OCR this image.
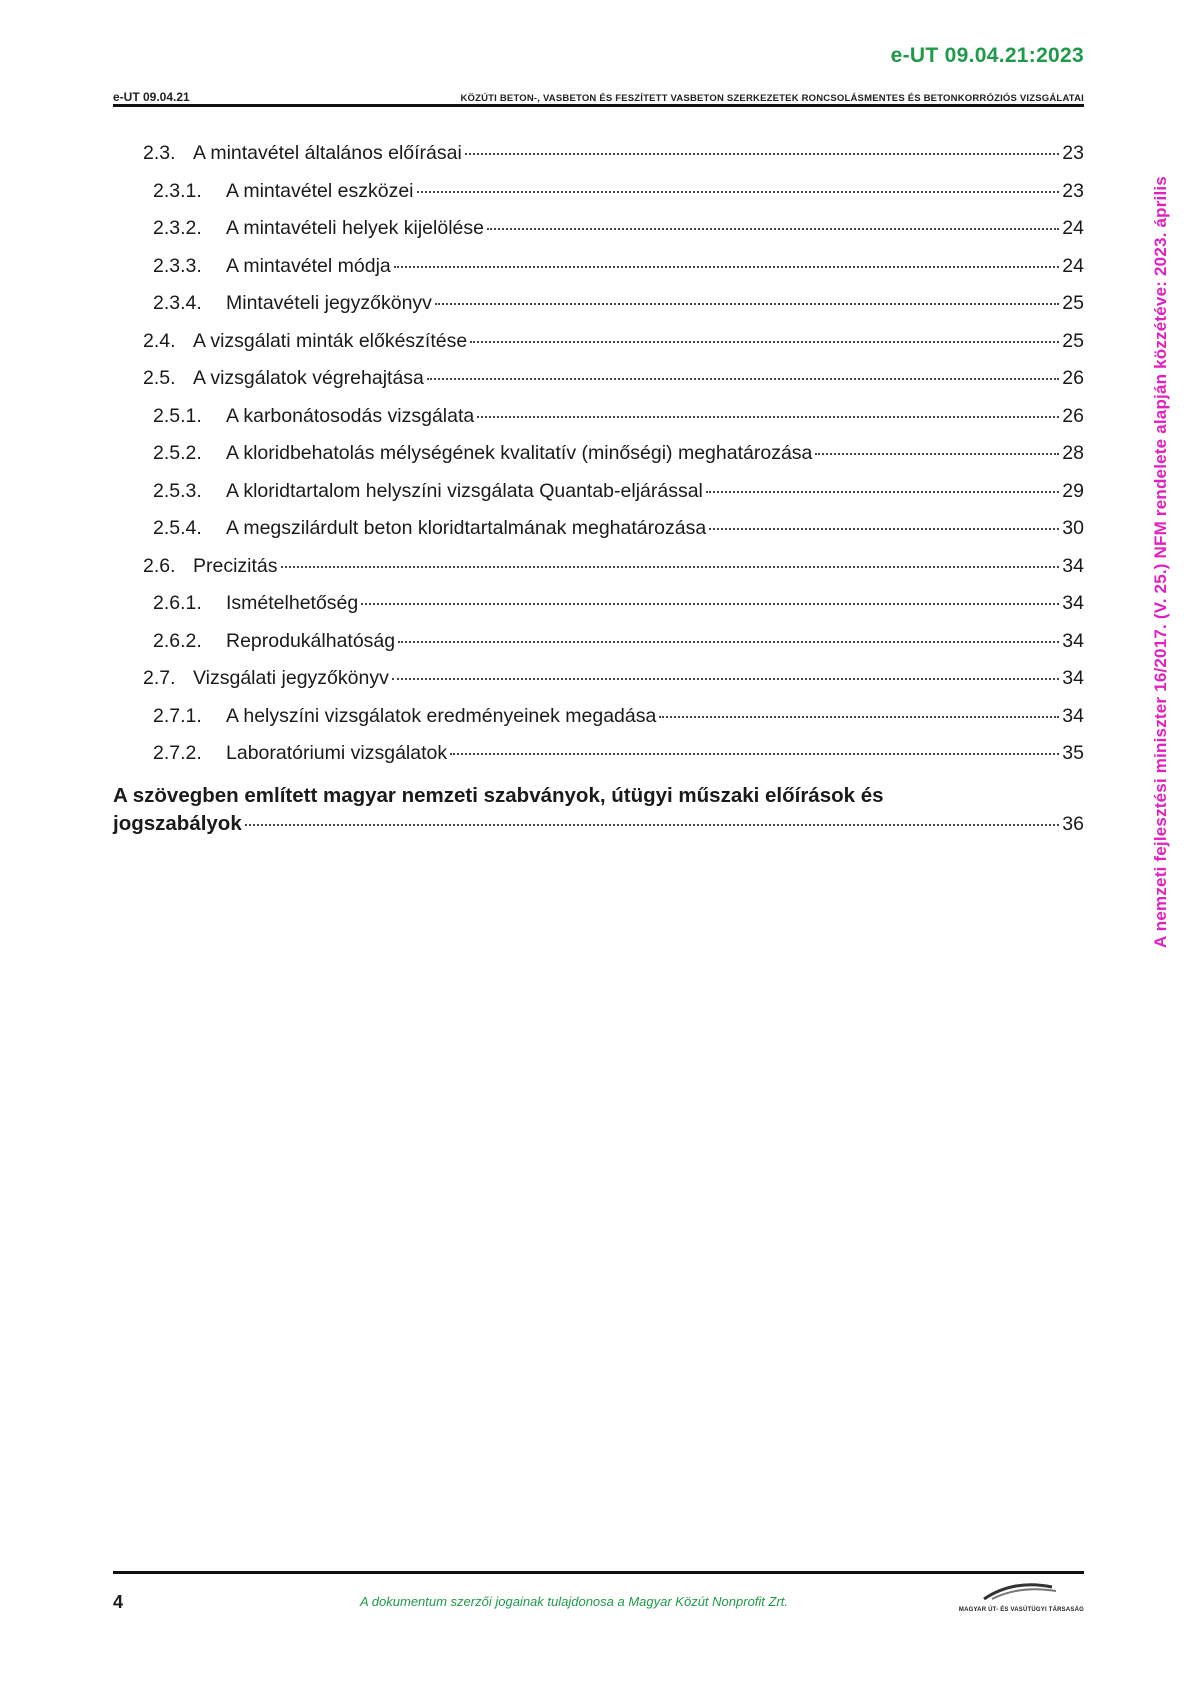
e-UT 09.04.21:2023
e-UT 09.04.21	KÖZÚTI BETON-, VASBETON ÉS FESZÍTETT VASBETON SZERKEZETEK RONCSOLÁSMENTES ÉS BETONKORRÓZIÓS VIZSGÁLATAI
2.3. A mintavétel általános előírásai	23
2.3.1.	A mintavétel eszközei	23
2.3.2.	A mintavételi helyek kijelölése	24
2.3.3.	A mintavétel módja	24
2.3.4.	Mintavételi jegyzőkönyv	25
2.4. A vizsgálati minták előkészítése	25
2.5. A vizsgálatok végrehajtása	26
2.5.1.	A karbonátosodás vizsgálata	26
2.5.2.	A kloridbehatolás mélységének kvalitatív (minőségi) meghatározása	28
2.5.3.	A kloridtartalom helyszíni vizsgálata Quantab-eljárással	29
2.5.4.	A megszilárdult beton kloridtartalmának meghatározása	30
2.6. Precizitás	34
2.6.1.	Ismételhetőség	34
2.6.2.	Reprodukálhatóság	34
2.7. Vizsgálati jegyzőkönyv	34
2.7.1.	A helyszíni vizsgálatok eredményeinek megadása	34
2.7.2.	Laboratóriumi vizsgálatok	35
A szövegben említett magyar nemzeti szabványok, útügyi műszaki előírások és
jogszabályok	36	A nemzeti fejlesztési miniszter 16/2017. (V. 25.) NFM rendelete alapján közzétéve: 2023. április
4	A dokumentum szerzői jogainak tulajdonosa a Magyar Közút Nonprofit Zrt.
MAGYAR ÚT- ÉS VASÚTÜGYI TÁRSASÁG
